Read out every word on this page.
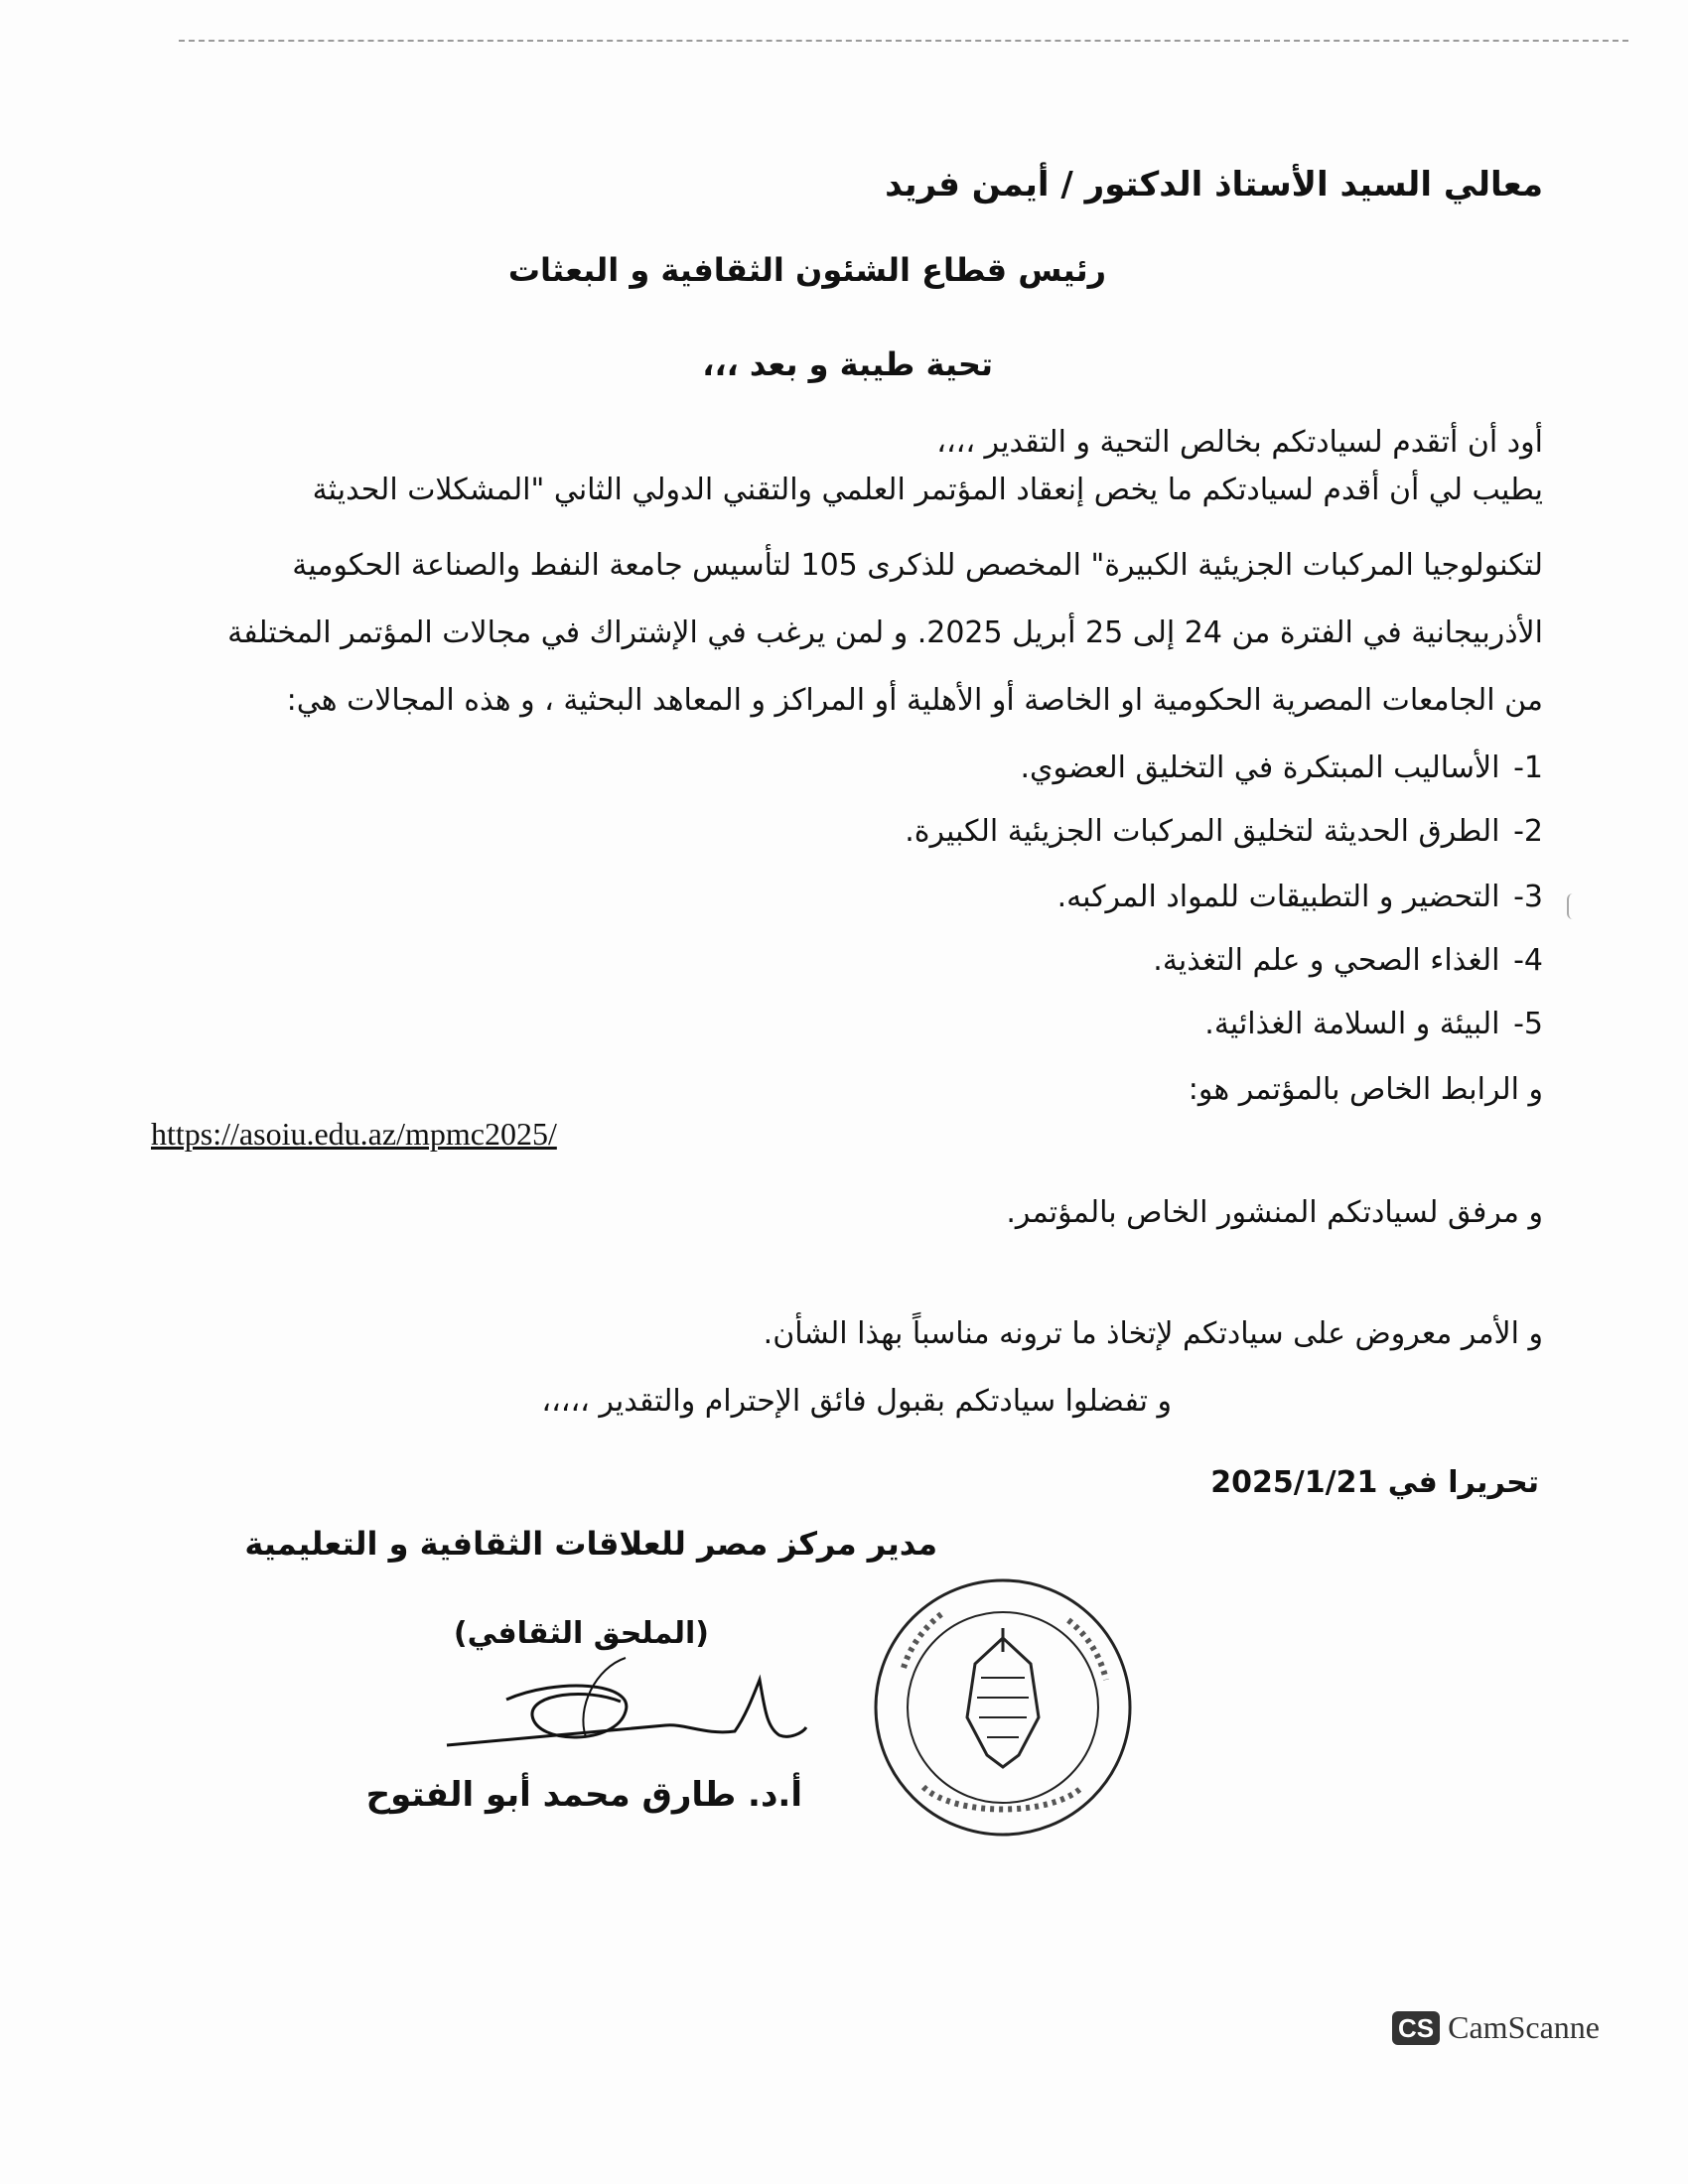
معالي السيد الأستاذ الدكتور / أيمن فريد
رئيس قطاع الشئون الثقافية و البعثات
تحية طيبة و بعد ،،،
أود أن أتقدم لسيادتكم بخالص التحية و التقدير ،،،،
يطيب لي أن أقدم لسيادتكم ما يخص إنعقاد المؤتمر العلمي والتقني الدولي الثاني "المشكلات الحديثة
لتكنولوجيا المركبات الجزيئية الكبيرة" المخصص للذكرى 105 لتأسيس جامعة النفط والصناعة الحكومية
الأذربيجانية في الفترة من 24 إلى 25 أبريل 2025. و لمن يرغب في الإشتراك في مجالات المؤتمر المختلفة
من الجامعات المصرية الحكومية او الخاصة أو الأهلية أو المراكز و المعاهد البحثية ، و هذه المجالات هي:
1- الأساليب المبتكرة في التخليق العضوي.
2- الطرق الحديثة لتخليق المركبات الجزيئية الكبيرة.
3- التحضير و التطبيقات للمواد المركبه.
4- الغذاء الصحي و علم التغذية.
5- البيئة و السلامة الغذائية.
و الرابط الخاص بالمؤتمر هو:
https://asoiu.edu.az/mpmc2025/
و مرفق لسيادتكم المنشور الخاص بالمؤتمر.
و الأمر معروض على سيادتكم لإتخاذ ما ترونه مناسباً بهذا الشأن.
و تفضلوا سيادتكم بقبول فائق الإحترام والتقدير ،،،،،
تحريرا في 2025/1/21
مدير مركز مصر للعلاقات الثقافية و التعليمية
(الملحق الثقافي)
أ.د. طارق محمد أبو الفتوح
CS CamScanne
